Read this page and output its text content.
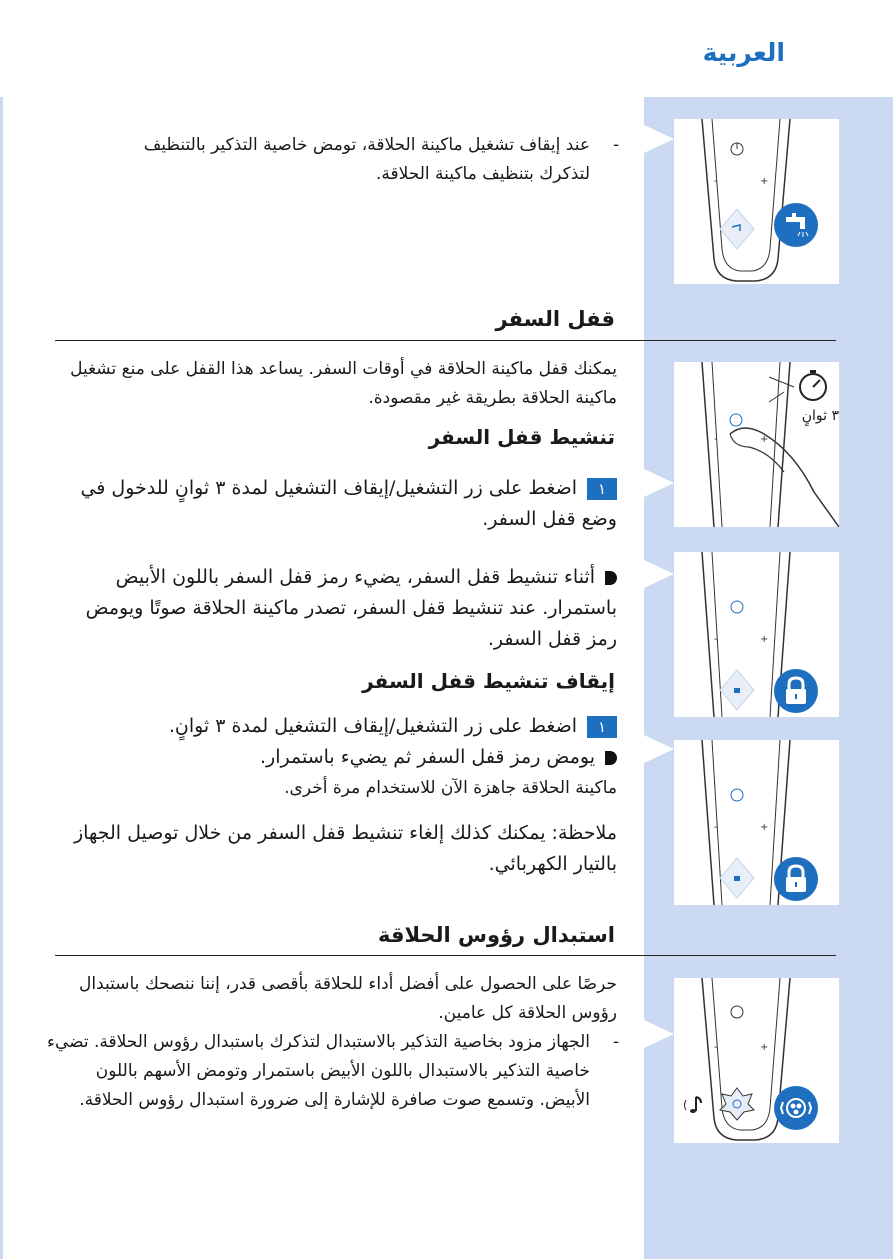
العربية
-
عند إيقاف تشغيل ماكينة الحلاقة، تومض خاصية التذكير بالتنظيف لتذكرك بتنظيف ماكينة الحلاقة.
قفل السفر
يمكنك قفل ماكينة الحلاقة في أوقات السفر. يساعد هذا القفل على منع تشغيل ماكينة الحلاقة بطريقة غير مقصودة.
تنشيط قفل السفر
١اضغط على زر التشغيل/إيقاف التشغيل لمدة ٣ ثوانٍ للدخول في وضع قفل السفر.
أثناء تنشيط قفل السفر، يضيء رمز قفل السفر باللون الأبيض باستمرار. عند تنشيط قفل السفر، تصدر ماكينة الحلاقة صوتًا ويومض رمز قفل السفر.
إيقاف تنشيط قفل السفر
١اضغط على زر التشغيل/إيقاف التشغيل لمدة ٣ ثوانٍ.
يومض رمز قفل السفر ثم يضيء باستمرار.
ماكينة الحلاقة جاهزة الآن للاستخدام مرة أخرى.
ملاحظة: يمكنك كذلك إلغاء تنشيط قفل السفر من خلال توصيل الجهاز بالتيار الكهربائي.
استبدال رؤوس الحلاقة
حرصًا على الحصول على أفضل أداء للحلاقة بأقصى قدر، إننا ننصحك باستبدال رؤوس الحلاقة كل عامين.
-
الجهاز مزود بخاصية التذكير بالاستبدال لتذكرك باستبدال رؤوس الحلاقة. تضيء خاصية التذكير بالاستبدال باللون الأبيض باستمرار وتومض الأسهم باللون الأبيض. وتسمع صوت صافرة للإشارة إلى ضرورة استبدال رؤوس الحلاقة.
-	+
-	+
٣ ثوانٍ
-	+
-	+
-	+
